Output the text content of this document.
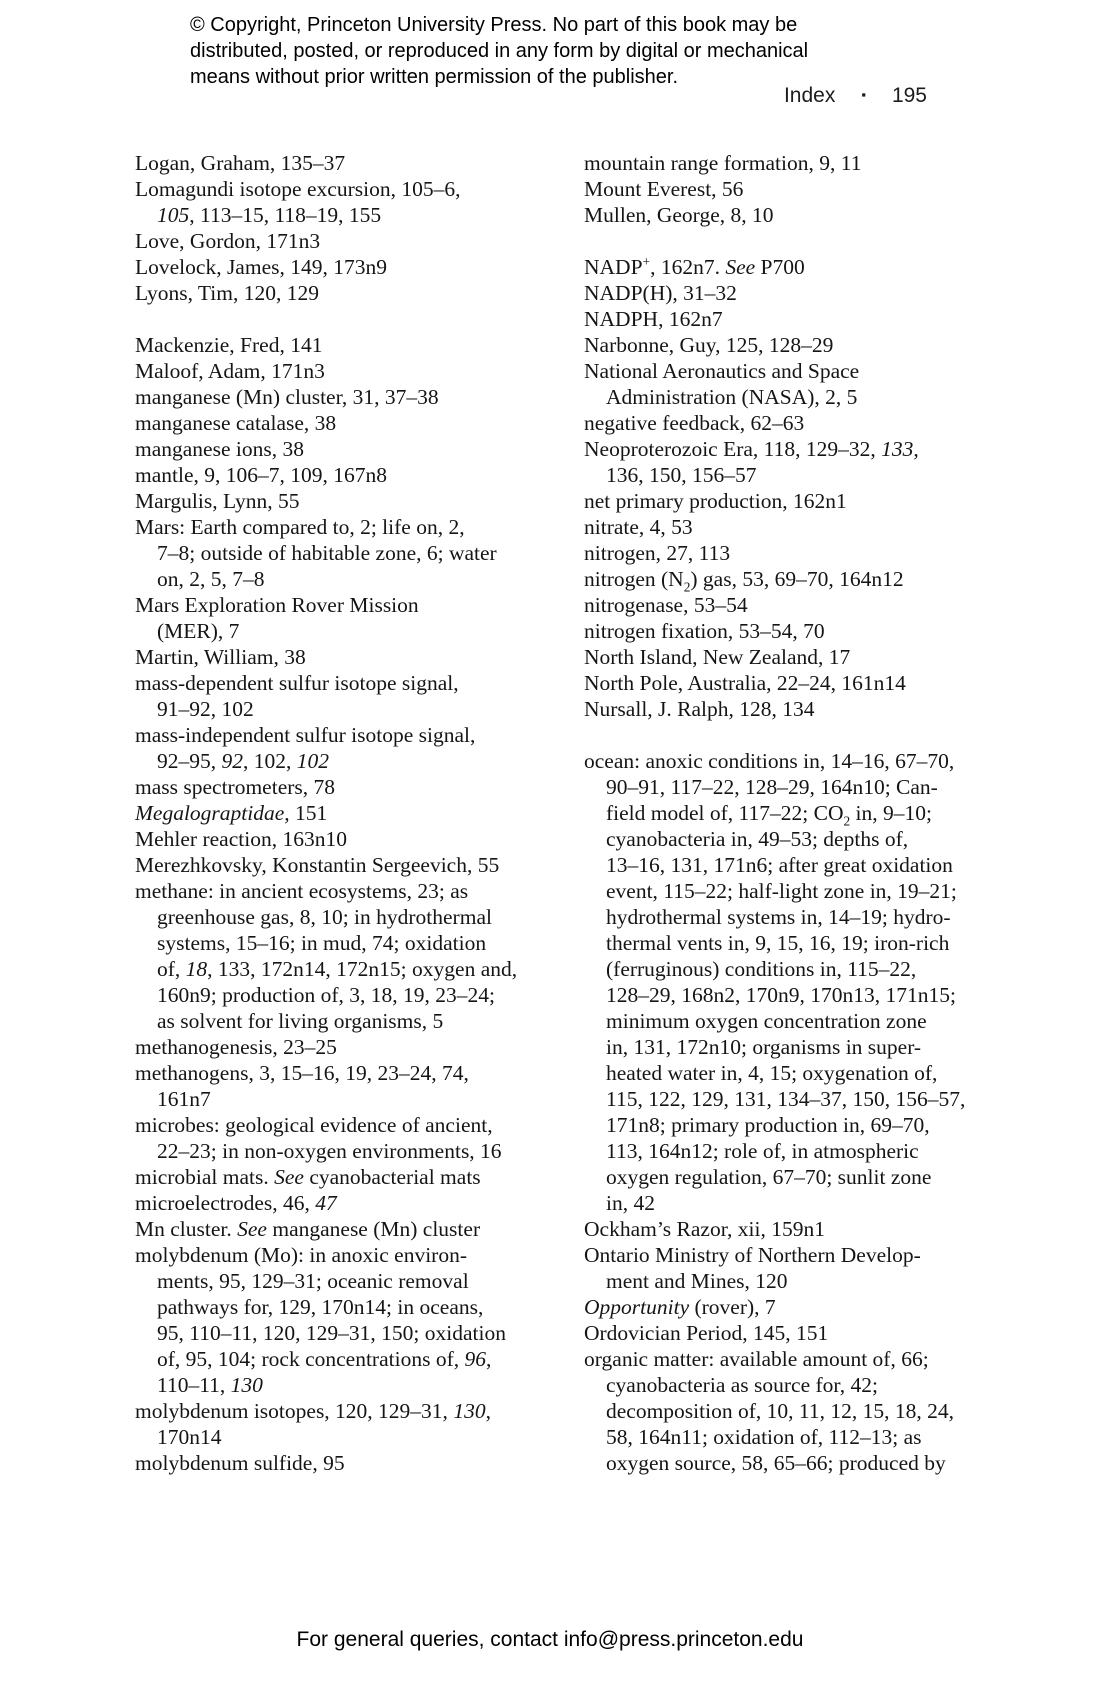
© Copyright, Princeton University Press. No part of this book may be
distributed, posted, or reproduced in any form by digital or mechanical
means without prior written permission of the publisher.
Index ▪ 195
Logan, Graham, 135–37
Lomagundi isotope excursion, 105–6,
105, 113–15, 118–19, 155
Love, Gordon, 171n3
Lovelock, James, 149, 173n9
Lyons, Tim, 120, 129
Mackenzie, Fred, 141
Maloof, Adam, 171n3
manganese (Mn) cluster, 31, 37–38
manganese catalase, 38
manganese ions, 38
mantle, 9, 106–7, 109, 167n8
Margulis, Lynn, 55
Mars: Earth compared to, 2; life on, 2,
7–8; outside of habitable zone, 6; water
on, 2, 5, 7–8
Mars Exploration Rover Mission
(MER), 7
Martin, William, 38
mass-dependent sulfur isotope signal,
91–92, 102
mass-independent sulfur isotope signal,
92–95, 92, 102, 102
mass spectrometers, 78
Megalograptidae, 151
Mehler reaction, 163n10
Merezhkovsky, Konstantin Sergeevich, 55
methane: in ancient ecosystems, 23; as
greenhouse gas, 8, 10; in hydrothermal
systems, 15–16; in mud, 74; oxidation
of, 18, 133, 172n14, 172n15; oxygen and,
160n9; production of, 3, 18, 19, 23–24;
as solvent for living organisms, 5
methanogenesis, 23–25
methanogens, 3, 15–16, 19, 23–24, 74,
161n7
microbes: geological evidence of ancient,
22–23; in non-oxygen environments, 16
microbial mats. See cyanobacterial mats
microelectrodes, 46, 47
Mn cluster. See manganese (Mn) cluster
molybdenum (Mo): in anoxic environ-
ments, 95, 129–31; oceanic removal
pathways for, 129, 170n14; in oceans,
95, 110–11, 120, 129–31, 150; oxidation
of, 95, 104; rock concentrations of, 96,
110–11, 130
molybdenum isotopes, 120, 129–31, 130,
170n14
molybdenum sulfide, 95
mountain range formation, 9, 11
Mount Everest, 56
Mullen, George, 8, 10
NADP+, 162n7. See P700
NADP(H), 31–32
NADPH, 162n7
Narbonne, Guy, 125, 128–29
National Aeronautics and Space
Administration (NASA), 2, 5
negative feedback, 62–63
Neoproterozoic Era, 118, 129–32, 133,
136, 150, 156–57
net primary production, 162n1
nitrate, 4, 53
nitrogen, 27, 113
nitrogen $(N_2)$ gas, 53, 69–70, 164n12
nitrogenase, 53–54
nitrogen fixation, 53–54, 70
North Island, New Zealand, 17
North Pole, Australia, 22–24, 161n14
Nursall, J. Ralph, 128, 134
ocean: anoxic conditions in, 14–16, 67–70,
90–91, 117–22, 128–29, 164n10; Can-
field model of, 117–22; $CO_2$ in, 9–10;
cyanobacteria in, 49–53; depths of,
13–16, 131, 171n6; after great oxidation
event, 115–22; half-light zone in, 19–21;
hydrothermal systems in, 14–19; hydro-
thermal vents in, 9, 15, 16, 19; iron-rich
(ferruginous) conditions in, 115–22,
128–29, 168n2, 170n9, 170n13, 171n15;
minimum oxygen concentration zone
in, 131, 172n10; organisms in super-
heated water in, 4, 15; oxygenation of,
115, 122, 129, 131, 134–37, 150, 156–57,
171n8; primary production in, 69–70,
113, 164n12; role of, in atmospheric
oxygen regulation, 67–70; sunlit zone
in, 42
Ockham’s Razor, xii, 159n1
Ontario Ministry of Northern Develop-
ment and Mines, 120
Opportunity (rover), 7
Ordovician Period, 145, 151
organic matter: available amount of, 66;
cyanobacteria as source for, 42;
decomposition of, 10, 11, 12, 15, 18, 24,
58, 164n11; oxidation of, 112–13; as
oxygen source, 58, 65–66; produced by
For general queries, contact info@press.princeton.edu
